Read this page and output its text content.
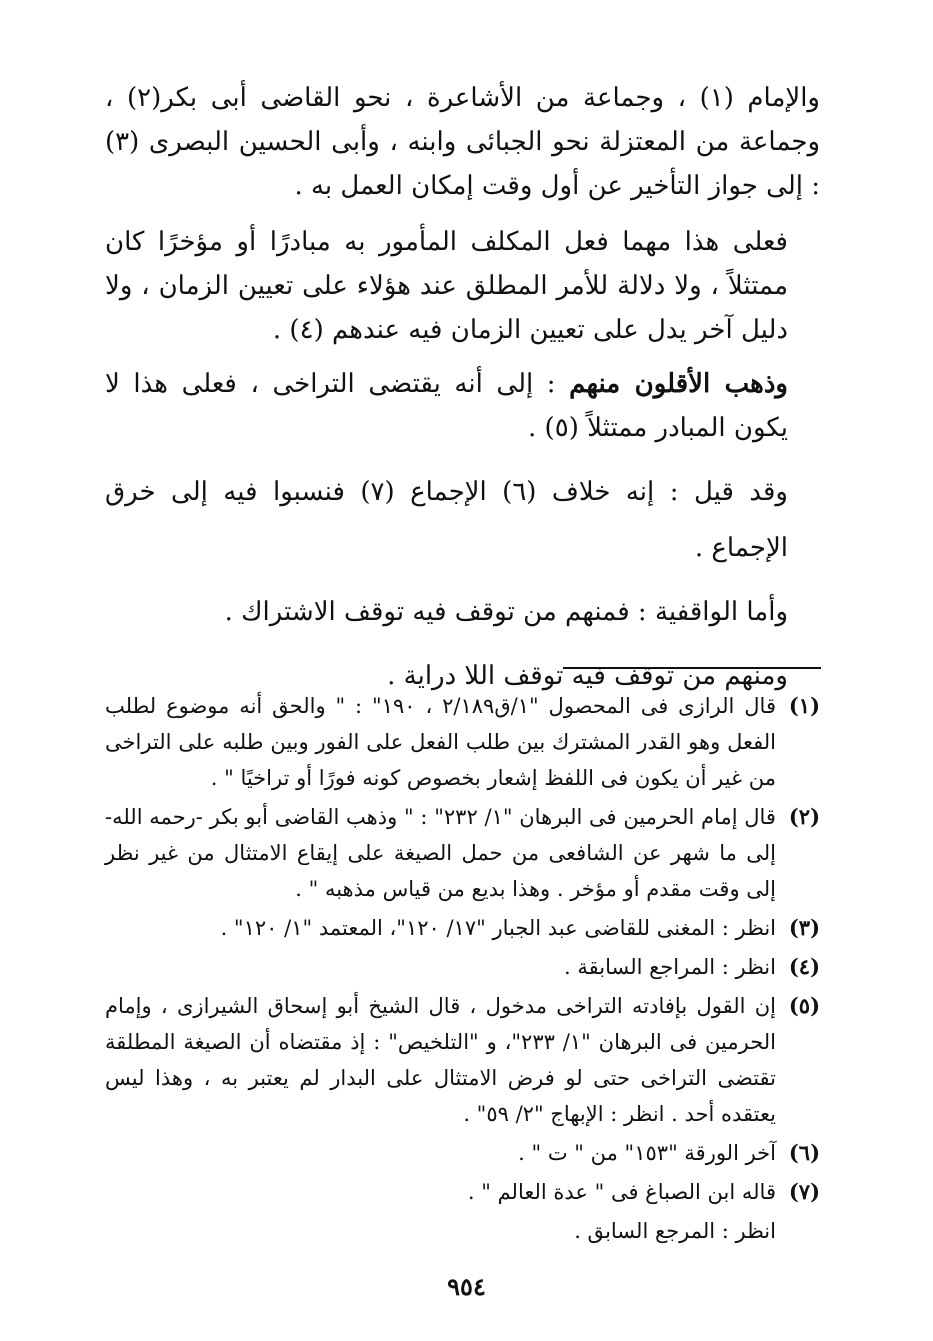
والإمام (١) ، وجماعة من الأشاعرة ، نحو القاضى أبى بكر(٢) ، وجماعة من المعتزلة نحو الجبائى وابنه ، وأبى الحسين البصرى (٣) : إلى جواز التأخير عن أول وقت إمكان العمل به .

فعلى هذا مهما فعل المكلف المأمور به مبادرًا أو مؤخرًا كان ممتثلاً ، ولا دلالة للأمر المطلق عند هؤلاء على تعيين الزمان ، ولا دليل آخر يدل على تعيين الزمان فيه عندهم (٤) .

وذهب الأقلون منهم : إلى أنه يقتضى التراخى ، فعلى هذا لا يكون المبادر ممتثلاً (٥) .

وقد قيل : إنه خلاف (٦) الإجماع (٧) فنسبوا فيه إلى خرق الإجماع .

وأما الواقفية : فمنهم من توقف فيه توقف الاشتراك .

ومنهم من توقف فيه توقف اللا دراية .

(١)
قال الرازى فى المحصول "١/ق٢/١٨٩ ، ١٩٠" : " والحق أنه موضوع لطلب الفعل وهو القدر المشترك بين طلب الفعل على الفور وبين طلبه على التراخى من غير أن يكون فى اللفظ إشعار بخصوص كونه فورًا أو تراخيًا " .
(٢)
قال إمام الحرمين فى البرهان "١/ ٢٣٢" : " وذهب القاضى أبو بكر -رحمه الله- إلى ما شهر عن الشافعى من حمل الصيغة على إيقاع الامتثال من غير نظر إلى وقت مقدم أو مؤخر . وهذا بديع من قياس مذهبه " .
(٣)
انظر : المغنى للقاضى عبد الجبار "١٧/ ١٢٠"، المعتمد "١/ ١٢٠" .
(٤)
انظر : المراجع السابقة .
(٥)
إن القول بإفادته التراخى مدخول ، قال الشيخ أبو إسحاق الشيرازى ، وإمام الحرمين فى البرهان "١/ ٢٣٣"، و "التلخيص" : إذ مقتضاه أن الصيغة المطلقة تقتضى التراخى حتى لو فرض الامتثال على البدار لم يعتبر به ، وهذا ليس يعتقده أحد . انظر : الإبهاج "٢/ ٥٩" .
(٦)
آخر الورقة "١٥٣" من " ت " .
(٧)
قاله ابن الصباغ فى " عدة العالم " .
انظر : المرجع السابق .
٩٥٤
